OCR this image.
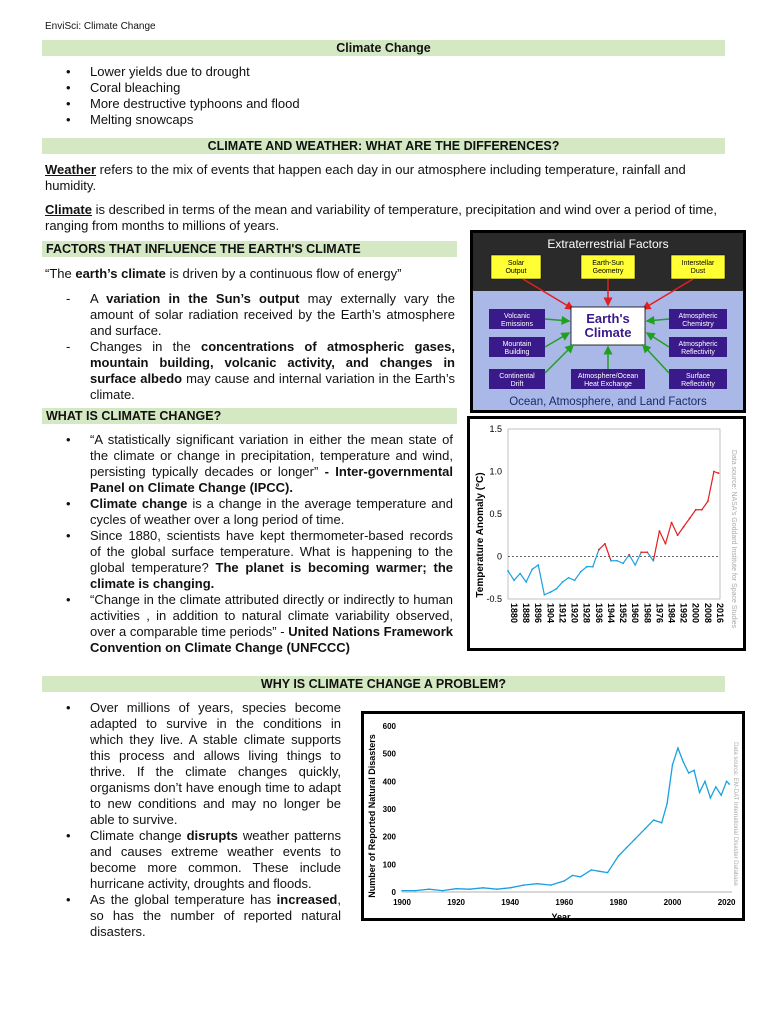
EnviSci: Climate Change
Climate Change
• Lower yields due to drought
• Coral bleaching
• More destructive typhoons and flood
• Melting snowcaps
CLIMATE AND WEATHER: WHAT ARE THE DIFFERENCES?
Weather refers to the mix of events that happen each day in our atmosphere including temperature, rainfall and humidity.
Climate is described in terms of the mean and variability of temperature, precipitation and wind over a period of time, ranging from months to millions of years.
FACTORS THAT INFLUENCE THE EARTH'S CLIMATE
“The earth’s climate is driven by a continuous flow of energy”
- A variation in the Sun’s output may externally vary the amount of solar radiation received by the Earth’s atmosphere and surface.
- Changes in the concentrations of atmospheric gases, mountain building, volcanic activity, and changes in surface albedo may cause and internal variation in the Earth’s climate.
WHAT IS CLIMATE CHANGE?
• “A statistically significant variation in either the mean state of the climate or change in precipitation, temperature and wind, persisting typically decades or longer” - Inter-governmental Panel on Climate Change (IPCC).
• Climate change is a change in the average temperature and cycles of weather over a long period of time.
• Since 1880, scientists have kept thermometer-based records of the global surface temperature. What is happening to the global temperature? The planet is becoming warmer; the climate is changing.
• “Change in the climate attributed directly or indirectly to human activities , in addition to natural climate variability observed, over a comparable time periods” - United Nations Framework Convention on Climate Change (UNFCCC)
WHY IS CLIMATE CHANGE A PROBLEM?
• Over millions of years, species become adapted to survive in the conditions in which they live. A stable climate supports this process and allows living things to thrive. If the climate changes quickly, organisms don’t have enough time to adapt to new conditions and may no longer be able to survive.
• Climate change disrupts weather patterns and causes extreme weather events to become more common. These include hurricane activity, droughts and floods.
• As the global temperature has increased, so has the number of reported natural disasters.
Extraterrestrial Factors
Solar Output
Earth-Sun Geometry
Interstellar Dust
Earth's Climate
Volcanic Emissions
Mountain Building
Continental Drift
Atmospheric Chemistry
Atmospheric Reflectivity
Surface Reflectivity
Atmosphere/Ocean Heat Exchange
Ocean, Atmosphere, and Land Factors
Temperature Anomaly (°C)	Data source: NASA's Goddard Institute for Space Studies
1.5
1.0
0.5
0
-0.5
1880 1888 1896 1904 1912 1920 1928 1936 1944 1952 1960 1968 1976 1984 1992 2000 2008 2016
Number of Reported Natural Disasters
Year
Data source: EM-DAT International Disaster Database
600
500
400
300
200
100
0
1900	1920	1940	1960	1980	2000	2020
